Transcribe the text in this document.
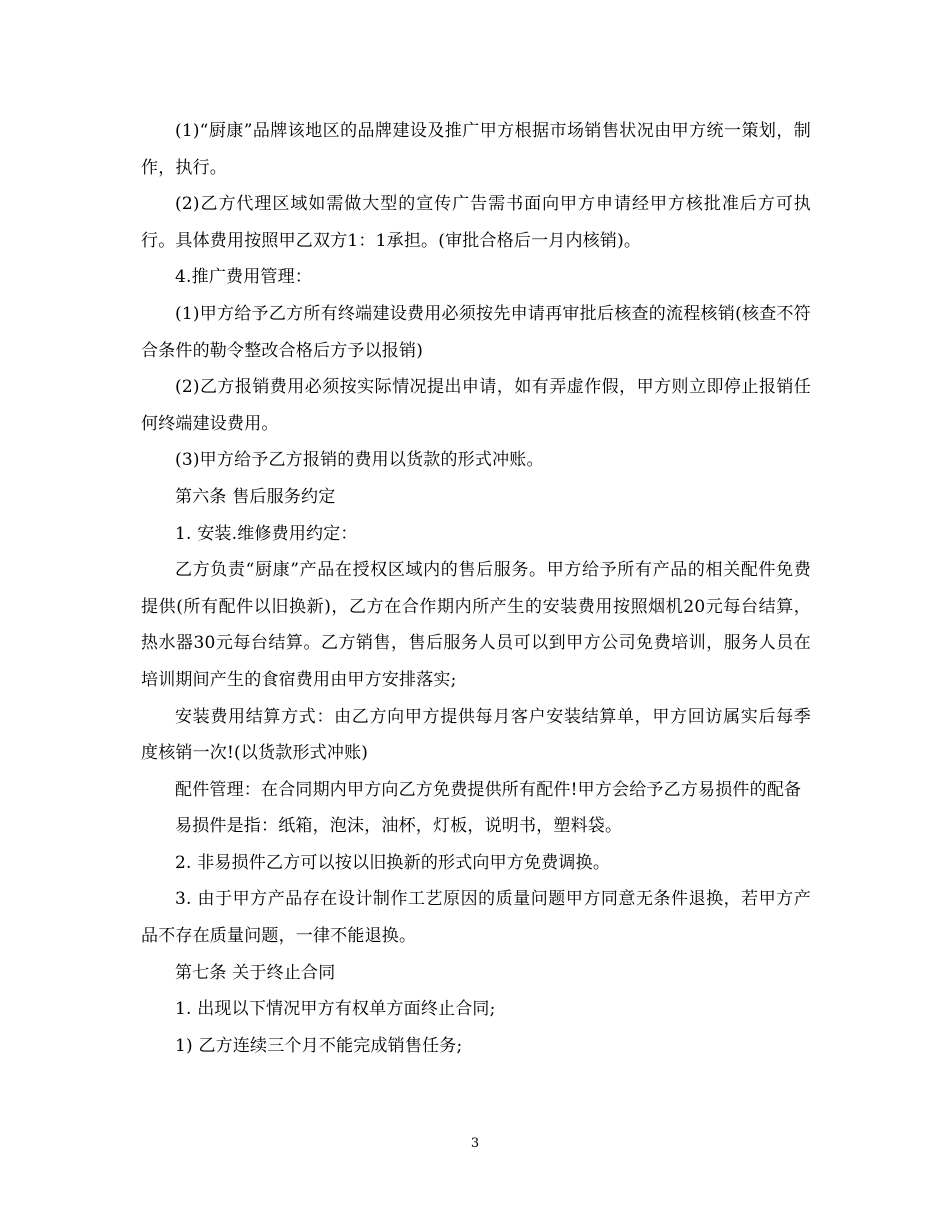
(1)“厨康”品牌该地区的品牌建设及推广甲方根据市场销售状况由甲方统一策划，制作，执行。

(2)乙方代理区域如需做大型的宣传广告需书面向甲方申请经甲方核批准后方可执行。具体费用按照甲乙双方1：1承担。(审批合格后一月内核销)。

4.推广费用管理：

(1)甲方给予乙方所有终端建设费用必须按先申请再审批后核查的流程核销(核查不符合条件的勒令整改合格后方予以报销)

(2)乙方报销费用必须按实际情况提出申请，如有弄虚作假，甲方则立即停止报销任何终端建设费用。

(3)甲方给予乙方报销的费用以货款的形式冲账。

第六条 售后服务约定

1. 安装.维修费用约定：

乙方负责“厨康”产品在授权区域内的售后服务。甲方给予所有产品的相关配件免费提供(所有配件以旧换新)，乙方在合作期内所产生的安装费用按照烟机20元每台结算，热水器30元每台结算。乙方销售，售后服务人员可以到甲方公司免费培训，服务人员在培训期间产生的食宿费用由甲方安排落实;

安装费用结算方式：由乙方向甲方提供每月客户安装结算单，甲方回访属实后每季度核销一次!(以货款形式冲账)

配件管理：在合同期内甲方向乙方免费提供所有配件!甲方会给予乙方易损件的配备

易损件是指：纸箱，泡沫，油杯，灯板，说明书，塑料袋。

2. 非易损件乙方可以按以旧换新的形式向甲方免费调换。

3. 由于甲方产品存在设计制作工艺原因的质量问题甲方同意无条件退换，若甲方产品不存在质量问题，一律不能退换。

第七条 关于终止合同

1. 出现以下情况甲方有权单方面终止合同;

1) 乙方连续三个月不能完成销售任务;

3
